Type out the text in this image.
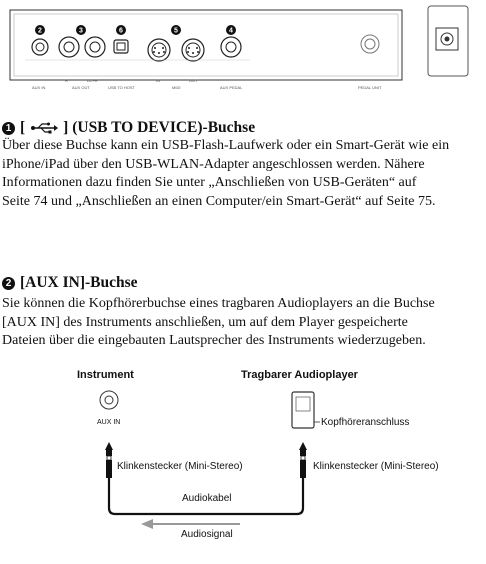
2	3	6	5	4
AUX IN
R	L/L+R
AUX OUT	USB TO HOST
IN	OUT
MIDI	AUX PEDAL	PEDAL UNIT
1 [ ] (USB TO DEVICE)-Buchse
Über diese Buchse kann ein USB-Flash-Laufwerk oder ein Smart-Gerät wie ein
iPhone/iPad über den USB-WLAN-Adapter angeschlossen werden. Nähere
Informationen dazu finden Sie unter „Anschließen von USB-Geräten“ auf
Seite 74 und „Anschließen an einen Computer/ein Smart-Gerät“ auf Seite 75.
2 [AUX IN]-Buchse
Sie können die Kopfhörerbuchse eines tragbaren Audioplayers an die Buchse
[AUX IN] des Instruments anschließen, um auf dem Player gespeicherte
Dateien über die eingebauten Lautsprecher des Instruments wiederzugeben.
Instrument	Tragbarer Audioplayer
AUX IN	Kopfhöreranschluss
Klinkenstecker (Mini-Stereo)	Klinkenstecker (Mini-Stereo)
Audiokabel
Audiosignal
